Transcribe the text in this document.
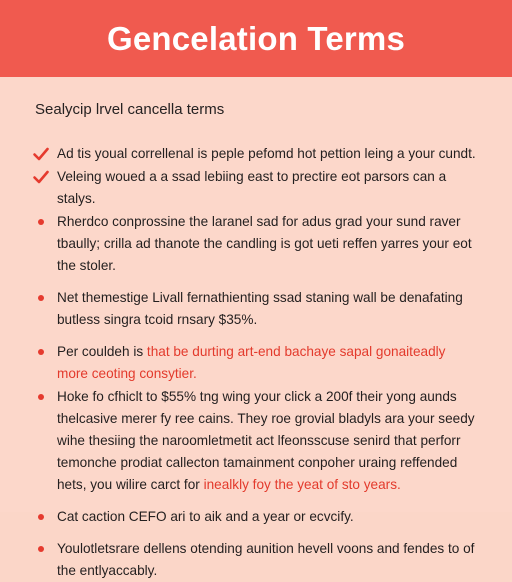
Gencelation Terms
Sealycip lrvel cancella terms
Ad tis youal correllenal is peple pefomd hot pettion leing a your cundt.
Veleing woued a a ssad lebiing east to prectire eot parsors can a stalys.
Rherdco conprossine the laranel sad for adus grad your sund raver tbaully; crilla ad thanote the candling is got ueti reffen yarres your eot the stoler.
Net themestige Livall fernathienting ssad staning wall be denafating butless singra tcoid rnsary $35%.
Per couldeh is that be durting art-end bachaye sapal gonaiteadly more ceoting consytier.
Hoke fo cfhiclt to $55% tng wing your click a 200f their yong aunds thelcasive merer fy ree cains. They roe grovial bladyls ara your seedy wihe thesiing the naroomletmetit act lfeonsscuse senird that perforr temonche prodiat callecton tamainment conpoher uraing reffended hets, you wilire carct for inealkly foy the yeat of sto years.
Cat caction CEFO ari to aik and a year or ecvcify.
Youlotletsrare dellens otending aunition hevell voons and fendes to of the entlyaccably.
